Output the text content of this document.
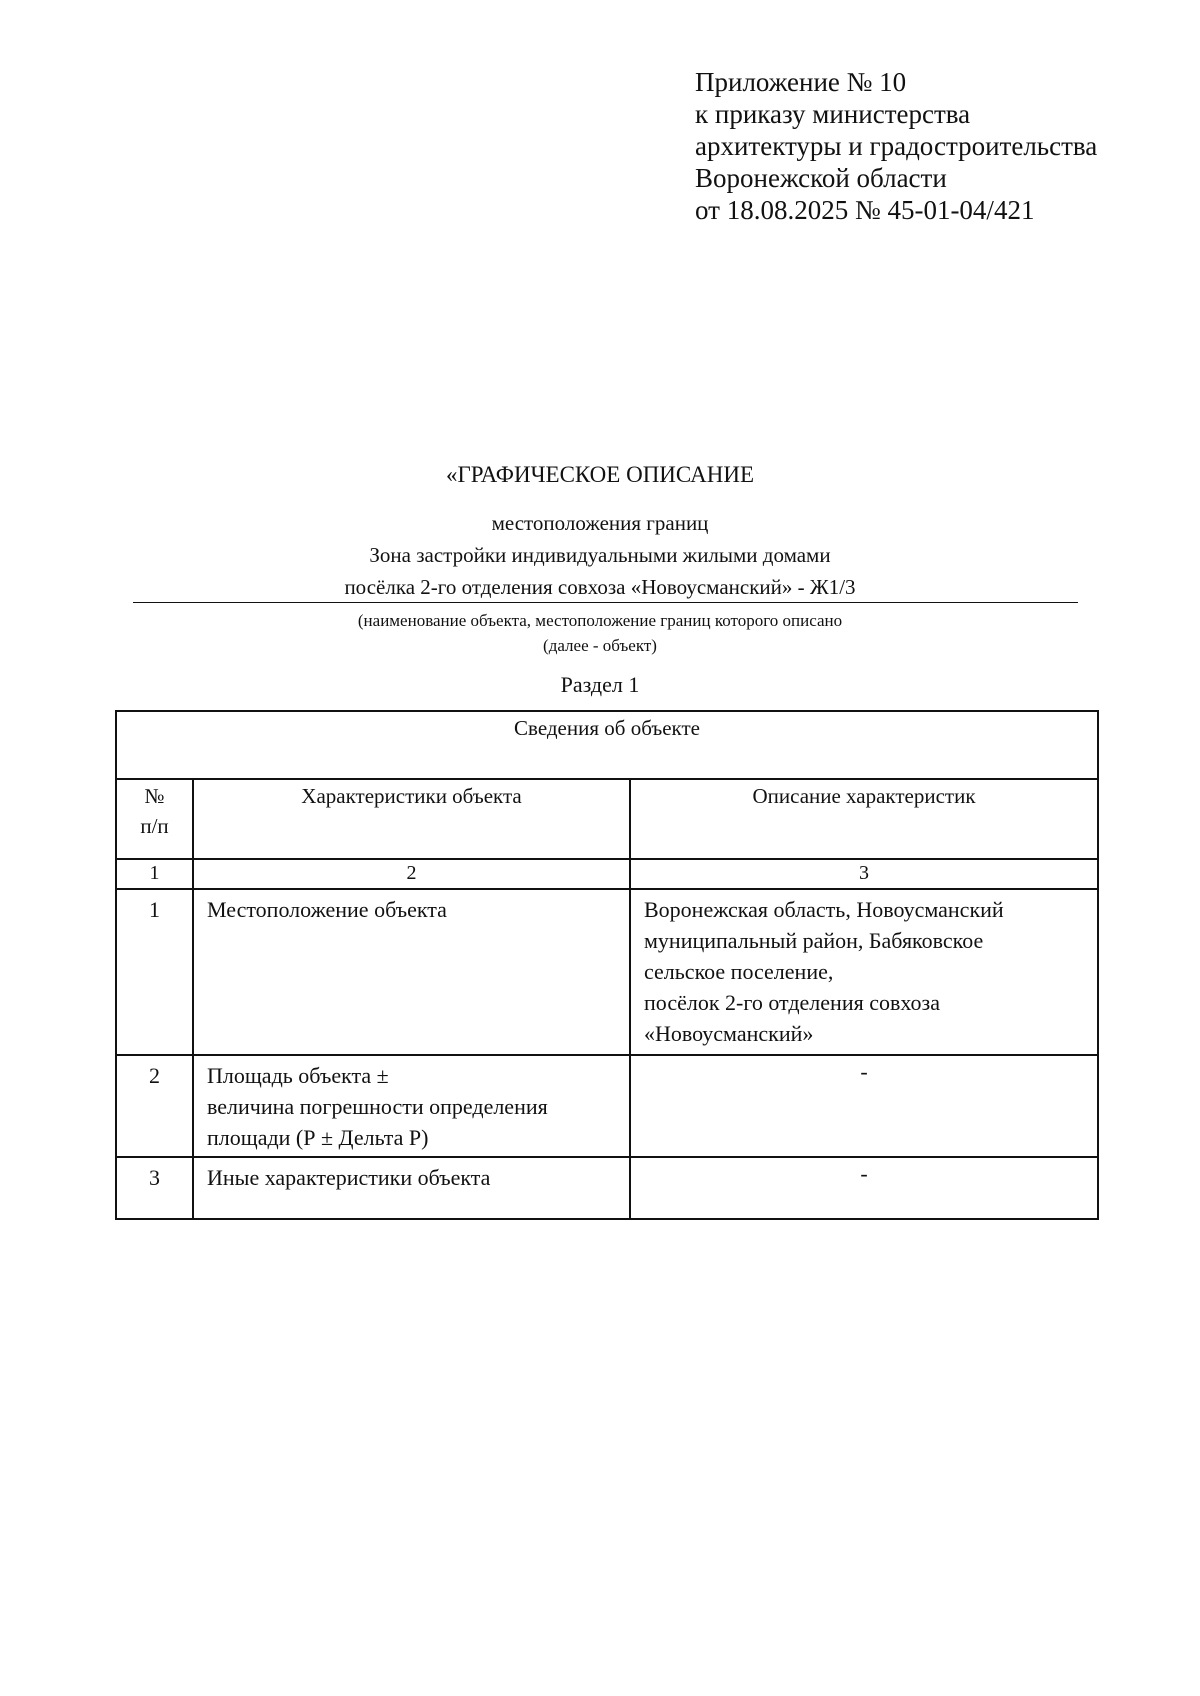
Приложение № 10
к приказу министерства
архитектуры и градостроительства
Воронежской области
от 18.08.2025 № 45-01-04/421
«ГРАФИЧЕСКОЕ ОПИСАНИЕ
местоположения границ
Зона застройки индивидуальными жилыми домами
посёлка 2-го отделения совхоза «Новоусманский» - Ж1/3
(наименование объекта, местоположение границ которого описано
(далее - объект)
Раздел 1
Сведения об объекте		

№
п/п	Характеристики объекта	Описание характеристик
1	2	3
1	Местоположение объекта	Воронежская область, Новоусманский
муниципальный район, Бабяковское
сельское поселение,
посёлок 2-го отделения совхоза
«Новоусманский»

2	Площадь объекта ±
величина погрешности определения
площади (Р ± Дельта Р)	-

3	Иные характеристики объекта	-
